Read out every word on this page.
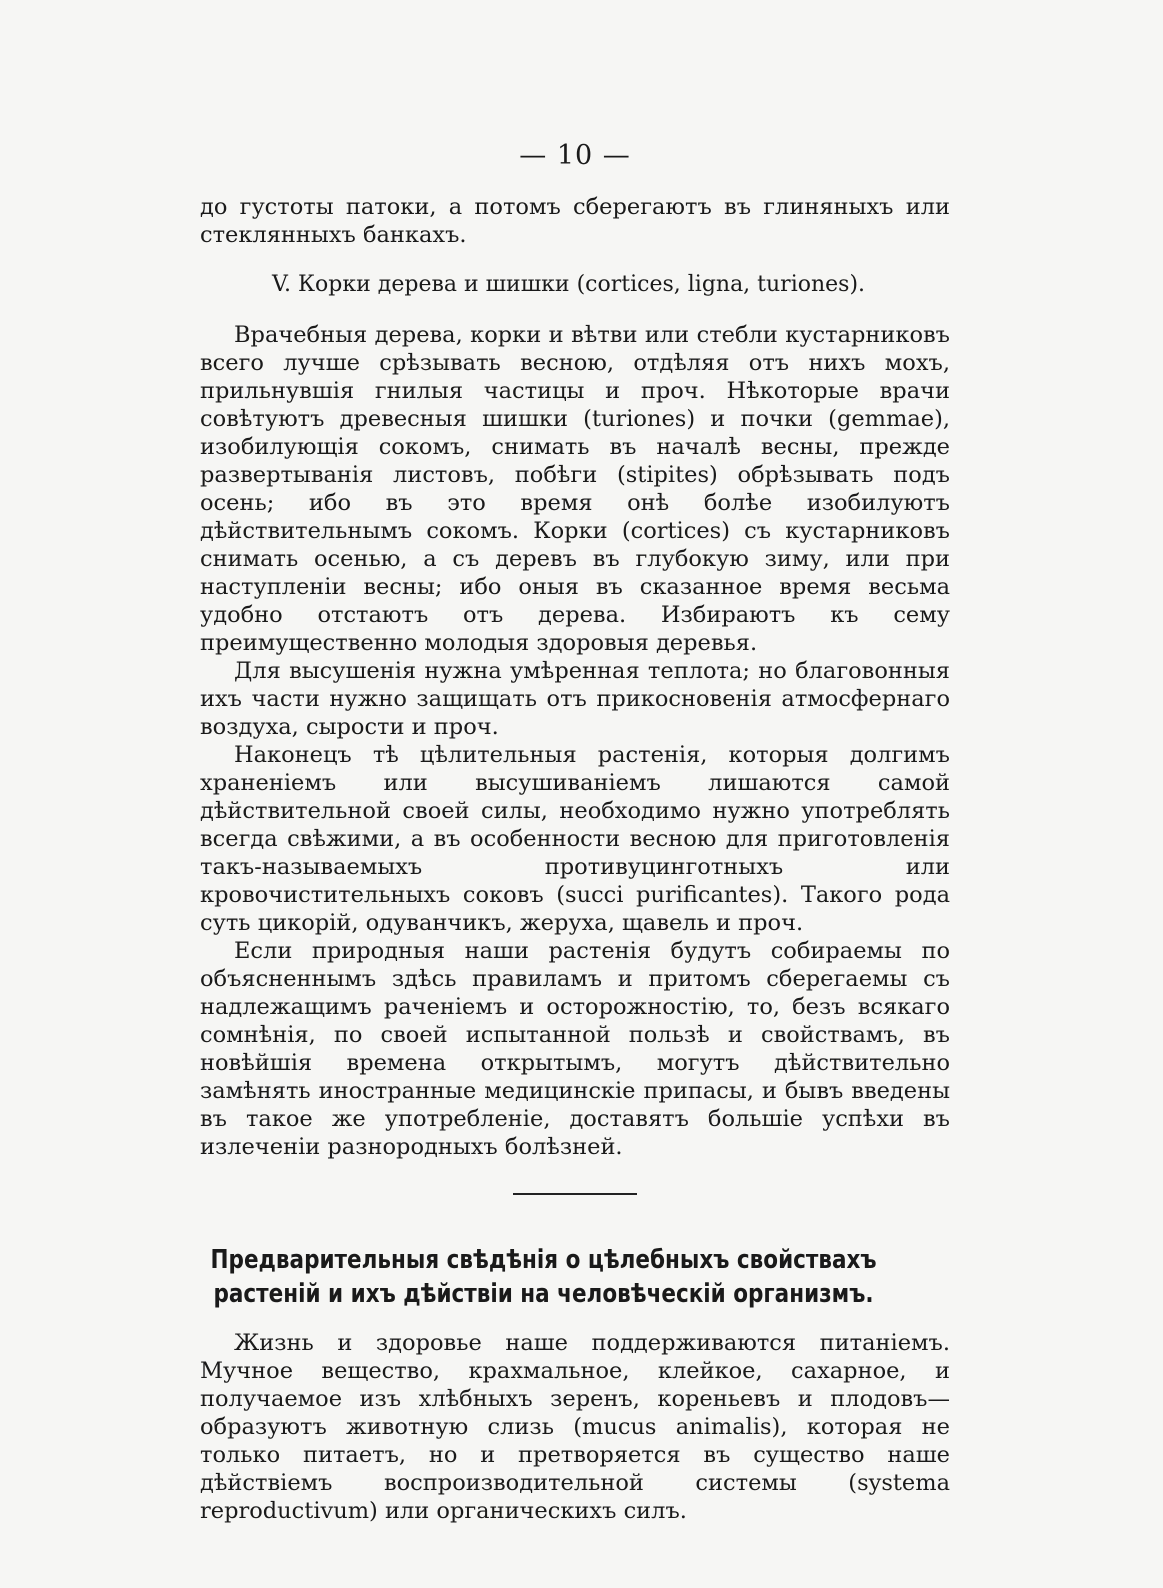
— 10 —

до густоты патоки, а потомъ сберегаютъ въ глиняныхъ или стеклянныхъ банкахъ.

V. Корки дерева и шишки (cortices, ligna, turiones).

Врачебныя дерева, корки и вѣтви или стебли кустарниковъ всего лучше срѣзывать весною, отдѣляя отъ нихъ мохъ, прильнувшія гнилыя частицы и проч. Нѣкоторые врачи совѣтуютъ древесныя шишки (turiones) и почки (gemmae), изобилующія сокомъ, снимать въ началѣ весны, прежде развертыванія листовъ, побѣги (stipites) обрѣзывать подъ осень; ибо въ это время онѣ болѣе изобилуютъ дѣйствительнымъ сокомъ. Корки (cortices) съ кустарниковъ снимать осенью, а съ деревъ въ глубокую зиму, или при наступленіи весны; ибо оныя въ сказанное время весьма удобно отстаютъ отъ дерева. Избираютъ къ сему преимущественно молодыя здоровыя деревья.

Для высушенія нужна умѣренная теплота; но благовонныя ихъ части нужно защищать отъ прикосновенія атмосфернаго воздуха, сырости и проч.

Наконецъ тѣ цѣлительныя растенія, которыя долгимъ храненіемъ или высушиваніемъ лишаются самой дѣйствительной своей силы, необходимо нужно употреблять всегда свѣжими, а въ особенности весною для приготовленія такъ-называемыхъ противуцинготныхъ или кровочистительныхъ соковъ (succi purificantes). Такого рода суть цикорій, одуванчикъ, жеруха, щавель и проч.

Если природныя наши растенія будутъ собираемы по объясненнымъ здѣсь правиламъ и притомъ сберегаемы съ надлежащимъ раченіемъ и осторожностію, то, безъ всякаго сомнѣнія, по своей испытанной пользѣ и свойствамъ, въ новѣйшія времена открытымъ, могутъ дѣйствительно замѣнять иностранные медицинскіе припасы, и бывъ введены въ такое же употребленіе, доставятъ большіе успѣхи въ излеченіи разнородныхъ болѣзней.

Предварительныя свѣдѣнія о цѣлебныхъ свойствахъ растеній и ихъ дѣйствіи на человѣческій организмъ.

Жизнь и здоровье наше поддерживаются питаніемъ. Мучное вещество, крахмальное, клейкое, сахарное, и получаемое изъ хлѣбныхъ зеренъ, кореньевъ и плодовъ—образуютъ животную слизь (mucus animalis), которая не только питаетъ, но и претворяется въ существо наше дѣйствіемъ воспроизводительной системы (systema reproductivum) или органическихъ силъ.
